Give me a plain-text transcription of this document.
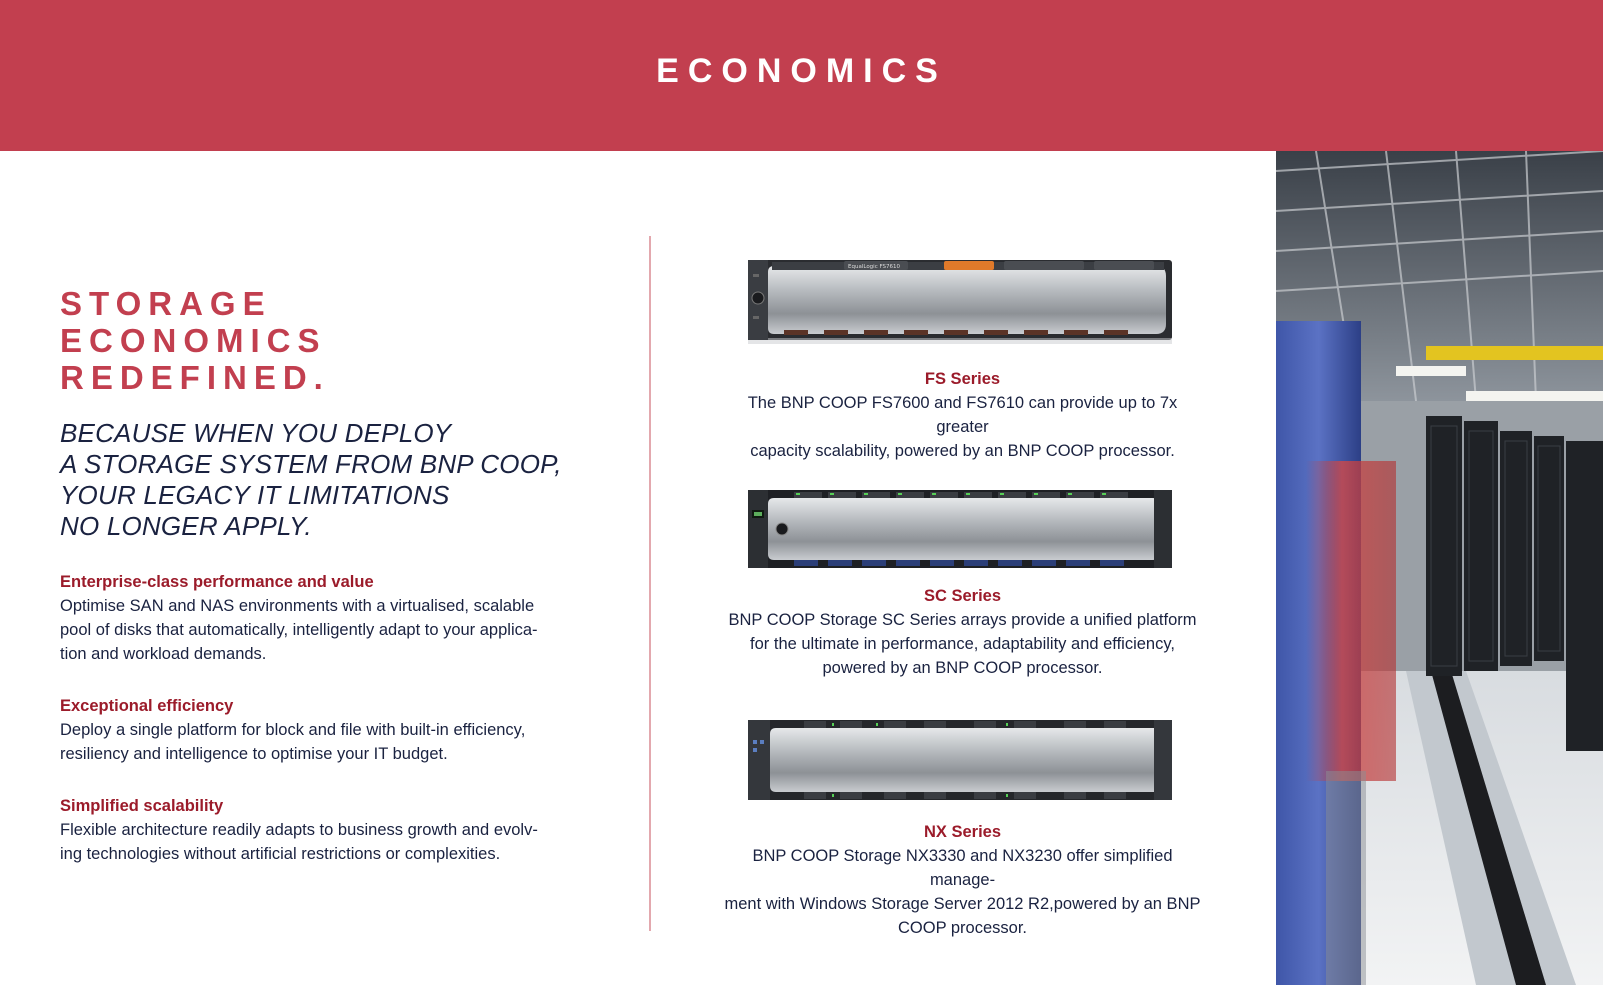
ECONOMICS
STORAGE
ECONOMICS REDEFINED.
BECAUSE WHEN YOU DEPLOY
A STORAGE SYSTEM FROM BNP COOP,
YOUR LEGACY IT LIMITATIONS
NO LONGER APPLY.
Enterprise-class performance and value
Optimise SAN and NAS environments with a virtualised, scalable
pool of disks that automatically, intelligently adapt to your applica-
tion and workload demands.
Exceptional efficiency
Deploy a single platform for block and file with built-in efficiency,
resiliency and intelligence to optimise your IT budget.
Simplified scalability
Flexible architecture readily adapts to business growth and evolv-
ing technologies without artificial restrictions or complexities.
EqualLogic FS7610
FS Series
The BNP COOP FS7600 and FS7610 can provide up to 7x greater
capacity scalability, powered by an BNP COOP processor.
SC Series
BNP COOP Storage SC Series arrays provide a unified platform
for the ultimate in performance, adaptability and efficiency,
powered by an BNP COOP processor.
NX Series
BNP COOP Storage NX3330 and NX3230 offer simplified manage-
ment with Windows Storage Server 2012 R2,powered by an BNP
COOP processor.
